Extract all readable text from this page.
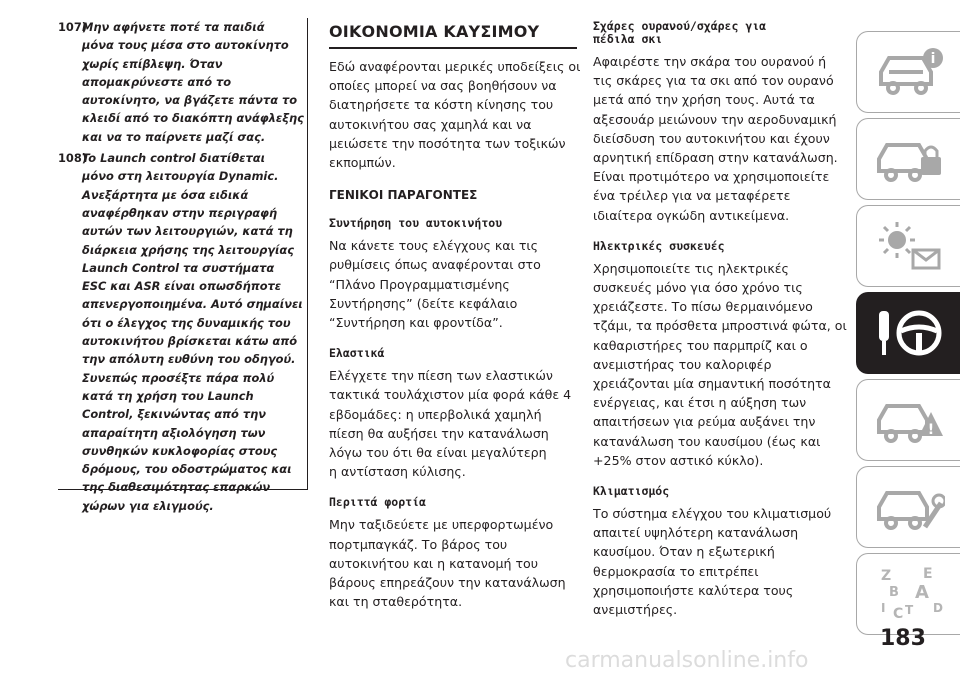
107)Μην αφήνετε ποτέ τα παιδιά
μόνα τους μέσα στο αυτοκίνητο
χωρίς επίβλεψη. Όταν
απομακρύνεστε από το
αυτοκίνητο, να βγάζετε πάντα το
κλειδί από το διακόπτη ανάφλεξης
και να το παίρνετε μαζί σας.
108)To Launch control διατίθεται
μόνο στη λειτουργία Dynamic.
Ανεξάρτητα με όσα ειδικά
αναφέρθηκαν στην περιγραφή
αυτών των λειτουργιών, κατά τη
διάρκεια χρήσης της λειτουργίας
Launch Control τα συστήματα
ESC και ASR είναι οπωσδήποτε
απενεργοποιημένα. Αυτό σημαίνει
ότι ο έλεγχος της δυναμικής του
αυτοκινήτου βρίσκεται κάτω από
την απόλυτη ευθύνη του οδηγού.
Συνεπώς προσέξτε πάρα πολύ
κατά τη χρήση του Launch
Control, ξεκινώντας από την
απαραίτητη αξιολόγηση των
συνθηκών κυκλοφορίας στους
δρόμους, του οδοστρώματος και
της διαθεσιμότητας επαρκών
χώρων για ελιγμούς.
ΟΙΚΟΝΟΜΙΑ ΚΑΥΣΙΜΟΥ
Εδώ αναφέρονται μερικές υποδείξεις οι
οποίες μπορεί να σας βοηθήσουν να
διατηρήσετε τα κόστη κίνησης του
αυτοκινήτου σας χαμηλά και να
μειώσετε την ποσότητα των τοξικών
εκπομπών.
ΓΕΝΙΚΟΙ ΠΑΡΑΓΟΝΤΕΣ
Συντήρηση του αυτοκινήτου
Να κάνετε τους ελέγχους και τις
ρυθμίσεις όπως αναφέρονται στο
“Πλάνο Προγραμματισμένης
Συντήρησης” (δείτε κεφάλαιο
“Συντήρηση και φροντίδα”.
Ελαστικά
Ελέγχετε την πίεση των ελαστικών
τακτικά τουλάχιστον μία φορά κάθε 4
εβδομάδες: η υπερβολικά χαμηλή
πίεση θα αυξήσει την κατανάλωση
λόγω του ότι θα είναι μεγαλύτερη
η αντίσταση κύλισης.
Περιττά φορτία
Μην ταξιδεύετε με υπερφορτωμένο
πορτμπαγκάζ. Το βάρος του
αυτοκινήτου και η κατανομή του
βάρους επηρεάζουν την κατανάλωση
και τη σταθερότητα.
Σχάρες ουρανού/σχάρες για
πέδιλα σκι
Αφαιρέστε την σκάρα του ουρανού ή
τις σκάρες για τα σκι από τον ουρανό
μετά από την χρήση τους. Αυτά τα
αξεσουάρ μειώνουν την αεροδυναμική
διείσδυση του αυτοκινήτου και έχουν
αρνητική επίδραση στην κατανάλωση.
Είναι προτιμότερο να χρησιμοποιείτε
ένα τρέιλερ για να μεταφέρετε
ιδιαίτερα ογκώδη αντικείμενα.
Ηλεκτρικές συσκευές
Χρησιμοποιείτε τις ηλεκτρικές
συσκευές μόνο για όσο χρόνο τις
χρειάζεστε. Το πίσω θερμαινόμενο
τζάμι, τα πρόσθετα μπροστινά φώτα, οι
καθαριστήρες του παρμπρίζ και ο
ανεμιστήρας του καλοριφέρ
χρειάζονται μία σημαντική ποσότητα
ενέργειας, και έτσι η αύξηση των
απαιτήσεων για ρεύμα αυξάνει την
κατανάλωση του καυσίμου (έως και
+25% στον αστικό κύκλο).
Κλιματισμός
Το σύστημα ελέγχου του κλιματισμού
απαιτεί υψηλότερη κατανάλωση
καυσίμου. Όταν η εξωτερική
θερμοκρασία το επιτρέπει
χρησιμοποιήστε καλύτερα τους
ανεμιστήρες.
i
!
Z E
B A
I C T D
183
carmanualsonline.info
